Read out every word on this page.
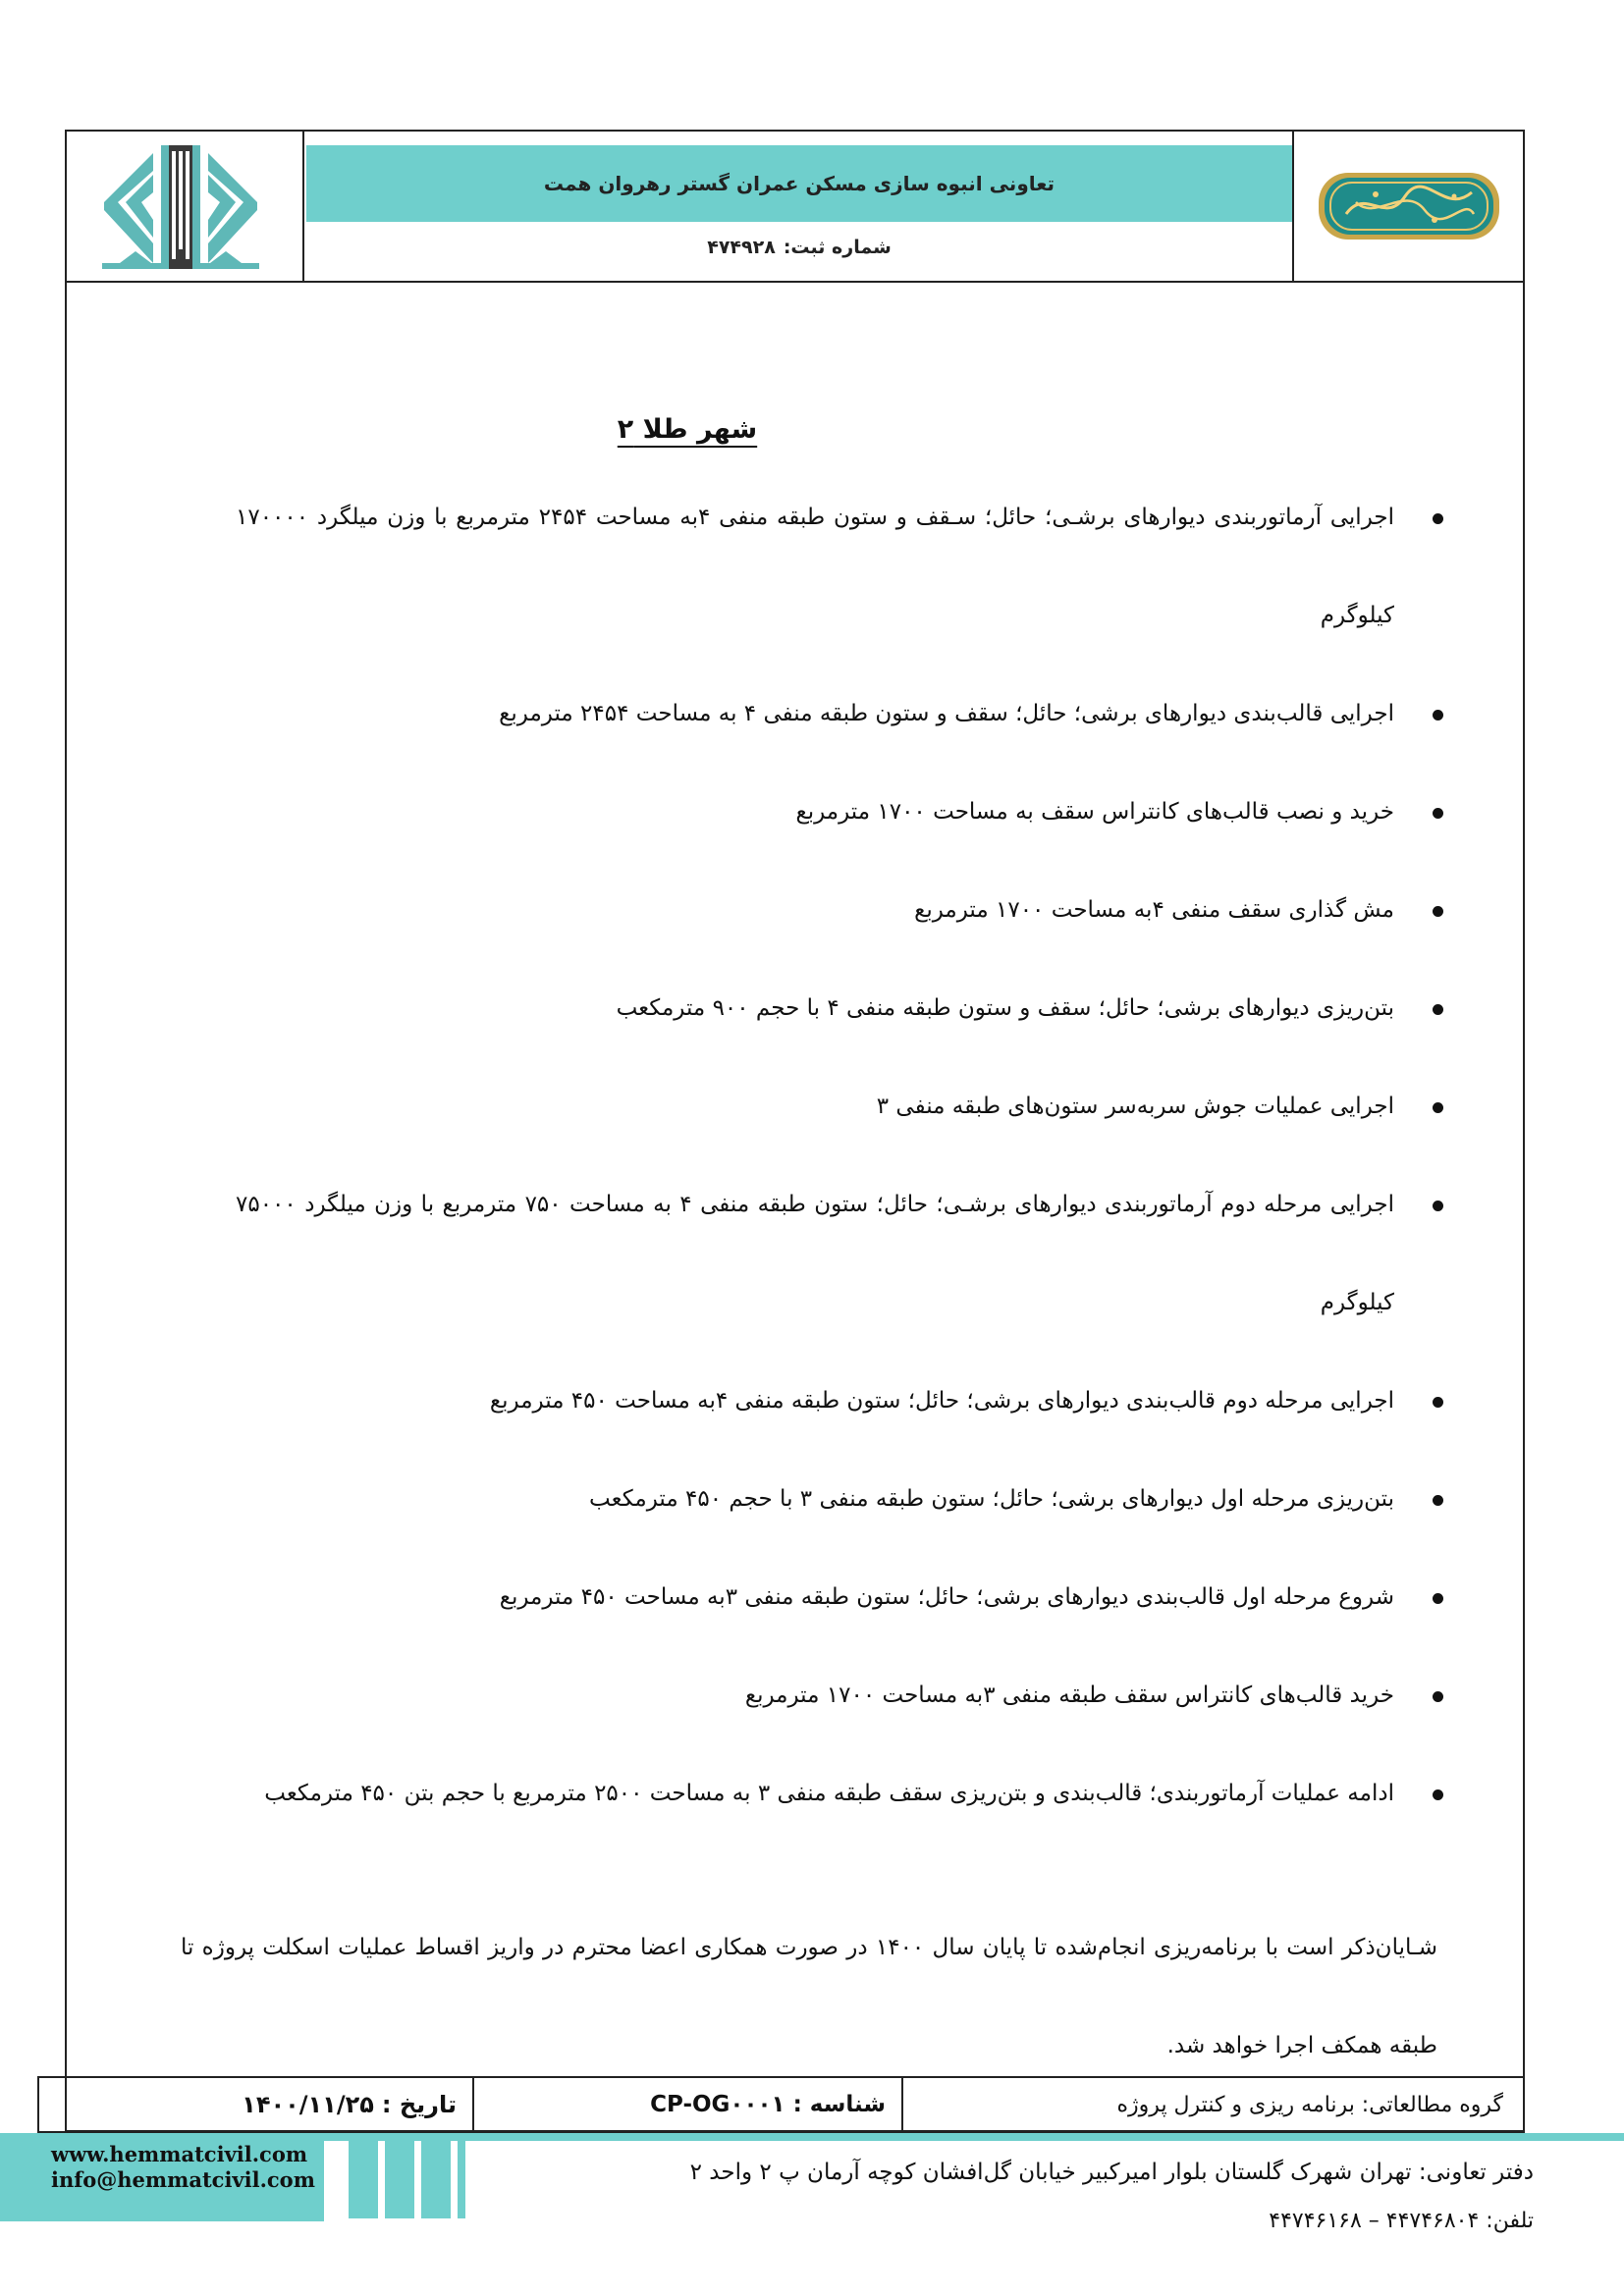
تعاونی انبوه سازی مسکن عمران گستر رهروان همت
شماره ثبت:
۴۷۴۹۲۸
شهر طلا ۲
اجرایی آرماتوربندی دیوارهای برشـی؛ حائل؛ سـقف و ستون طبقه منفی ۴به مساحت ۲۴۵۴ مترمربع با وزن میلگرد ۱۷۰۰۰۰
کیلوگرم
اجرایی قالب‌بندی دیوارهای برشی؛ حائل؛ سقف و ستون طبقه منفی ۴ به مساحت ۲۴۵۴ مترمربع
خرید و نصب قالب‌های کانتراس سقف به مساحت ۱۷۰۰ مترمربع
مش گذاری سقف منفی ۴به مساحت ۱۷۰۰ مترمربع
بتن‌ریزی دیوارهای برشی؛ حائل؛ سقف و ستون طبقه منفی ۴ با حجم ۹۰۰ مترمکعب
اجرایی عملیات جوش سربه‌سر ستون‌های طبقه منفی ۳
اجرایی مرحله دوم آرماتوربندی دیوارهای برشـی؛ حائل؛ ستون طبقه منفی ۴ به مساحت ۷۵۰ مترمربع با وزن میلگرد ۷۵۰۰۰
کیلوگرم
اجرایی مرحله دوم قالب‌بندی دیوارهای برشی؛ حائل؛ ستون طبقه منفی ۴به مساحت ۴۵۰ مترمربع
بتن‌ریزی مرحله اول دیوارهای برشی؛ حائل؛ ستون طبقه منفی ۳ با حجم ۴۵۰ مترمکعب
شروع مرحله اول قالب‌بندی دیوارهای برشی؛ حائل؛ ستون طبقه منفی ۳به مساحت ۴۵۰ مترمربع
خرید قالب‌های کانتراس سقف طبقه منفی ۳به مساحت ۱۷۰۰ مترمربع
ادامه عملیات آرماتوربندی؛ قالب‌بندی و بتن‌ریزی سقف طبقه منفی ۳ به مساحت ۲۵۰۰ مترمربع با حجم بتن ۴۵۰ مترمکعب
شـایان‌ذکر است با برنامه‌ریزی انجام‌شده تا پایان سال ۱۴۰۰ در صورت همکاری اعضا محترم در واریز اقساط عملیات اسکلت پروژه تا طبقه همکف اجرا خواهد شد.
گروه مطالعاتی: برنامه ریزی و کنترل پروژه
شناسه :
CP-OG۰۰۰۱
تاریخ :
۱۴۰۰/۱۱/۲۵
www.hemmatcivil.com
info@hemmatcivil.com	دفتر تعاونی: تهران شهرک گلستان بلوار امیرکبیر خیابان گل‌افشان کوچه آرمان پ ۲ واحد ۲
تلفن: ۴۴۷۴۶۸۰۴ – ۴۴۷۴۶۱۶۸
